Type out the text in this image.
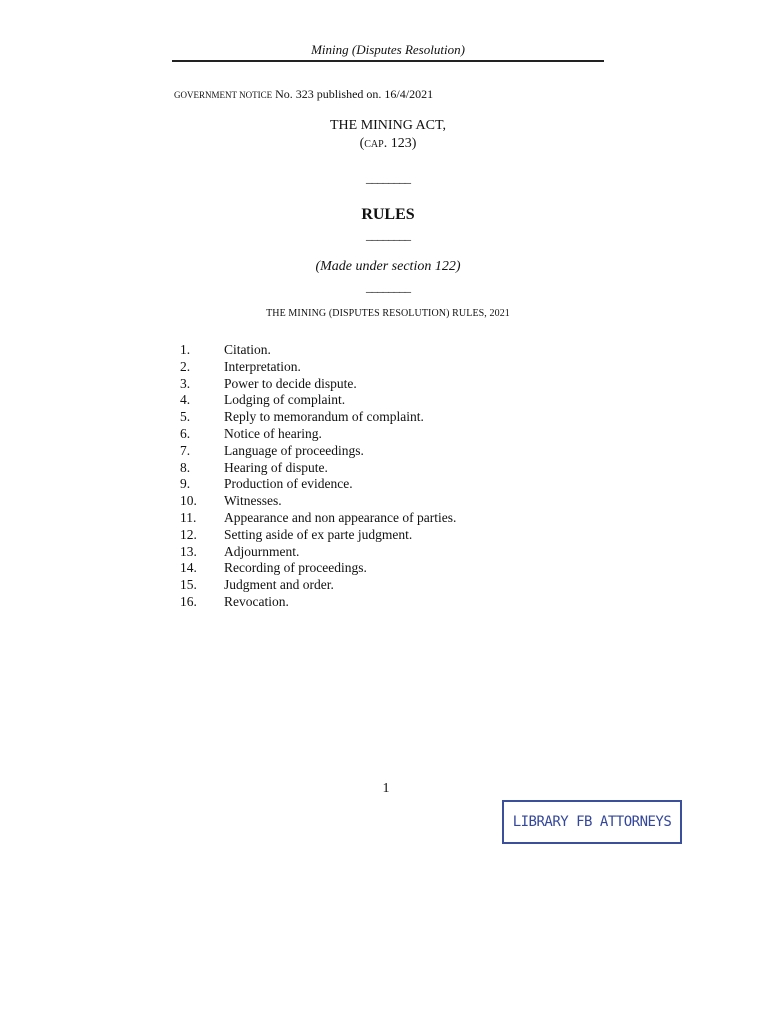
Mining (Disputes Resolution)
GOVERNMENT NOTICE No. 323 published on. 16/4/2021
THE MINING ACT,
(CAP. 123)
________
RULES
________
(Made under section 122)
________
THE MINING (DISPUTES RESOLUTION) RULES, 2021
1.	Citation.
2.	Interpretation.
3.	Power to decide dispute.
4.	Lodging of complaint.
5.	Reply to memorandum of complaint.
6.	Notice of hearing.
7.	Language of proceedings.
8.	Hearing of dispute.
9.	Production of evidence.
10. Witnesses.
11. Appearance and non appearance of parties.
12. Setting aside of ex parte judgment.
13. Adjournment.
14. Recording of proceedings.
15. Judgment and order.
16. Revocation.
1
LIBRARY FB ATTORNEYS
